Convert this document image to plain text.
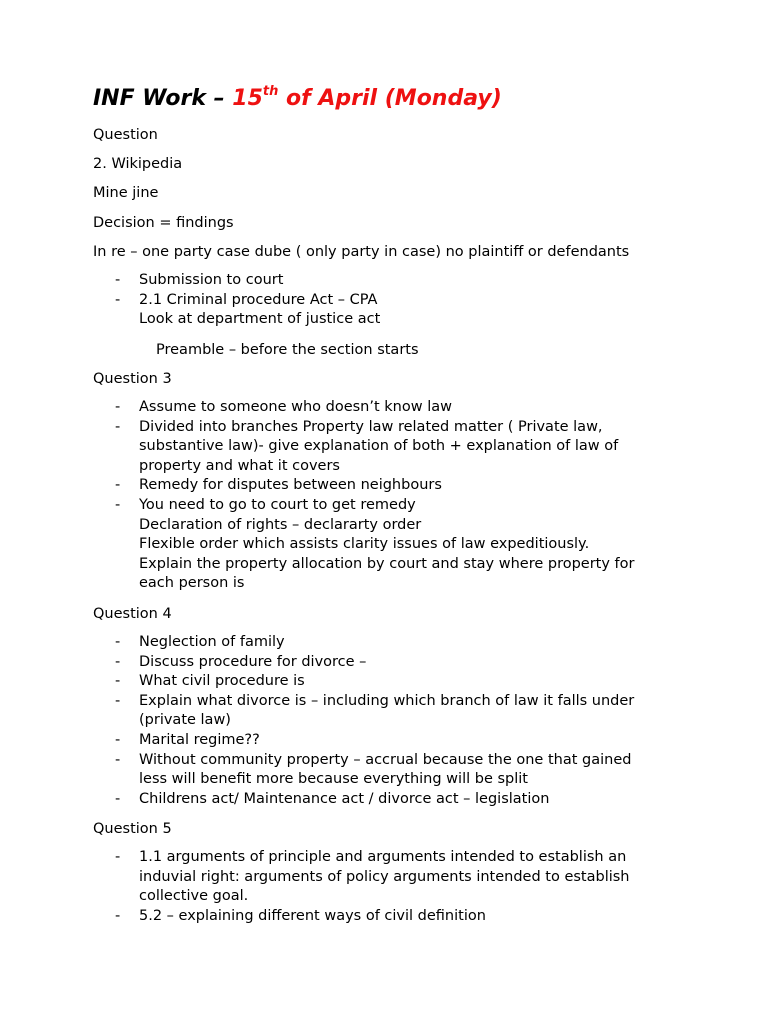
INF Work – 15th of April (Monday)

Question

2. Wikipedia

Mine jine

Decision = findings

In re – one party case dube ( only party in case) no plaintiff or defendants

- Submission to court
- 2.1 Criminal procedure Act – CPA
Look at department of justice act

Preamble – before the section starts

Question 3

- Assume to someone who doesn’t know law
- Divided into branches Property law related matter ( Private law,
substantive law)- give explanation of both + explanation of law of
property and what it covers
- Remedy for disputes between neighbours
- You need to go to court to get remedy
Declaration of rights – declararty order
Flexible order which assists clarity issues of law expeditiously.
Explain the property allocation by court and stay where property for
each person is

Question 4

- Neglection of family
- Discuss procedure for divorce –
- What civil procedure is
- Explain what divorce is – including which branch of law it falls under
(private law)
- Marital regime??
- Without community property – accrual because the one that gained
less will benefit more because everything will be split
- Childrens act/ Maintenance act / divorce act – legislation

Question 5

- 1.1 arguments of principle and arguments intended to establish an
induvial right: arguments of policy arguments intended to establish
collective goal.
- 5.2 – explaining different ways of civil definition
